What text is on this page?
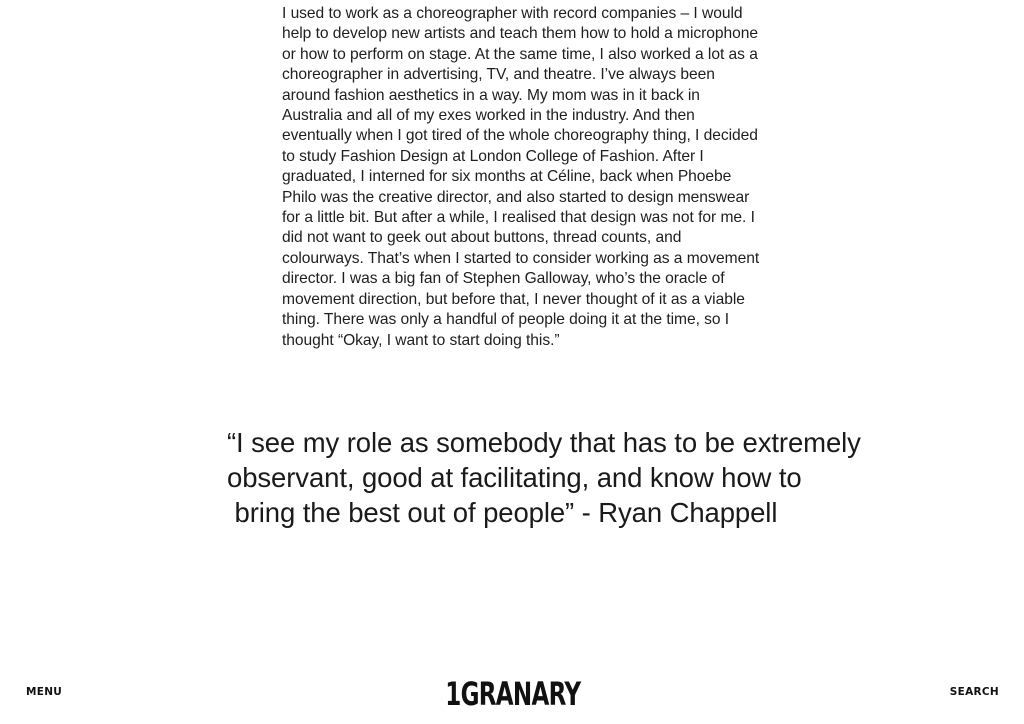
I used to work as a choreographer with record companies – I would
help to develop new artists and teach them how to hold a microphone
or how to perform on stage. At the same time, I also worked a lot as a
choreographer in advertising, TV, and theatre. I’ve always been
around fashion aesthetics in a way. My mom was in it back in
Australia and all of my exes worked in the industry. And then
eventually when I got tired of the whole choreography thing, I decided
to study Fashion Design at London College of Fashion. After I
graduated, I interned for six months at Céline, back when Phoebe
Philo was the creative director, and also started to design menswear
for a little bit. But after a while, I realised that design was not for me. I
did not want to geek out about buttons, thread counts, and
colourways. That’s when I started to consider working as a movement
director. I was a big fan of Stephen Galloway, who’s the oracle of
movement direction, but before that, I never thought of it as a viable
thing. There was only a handful of people doing it at the time, so I
thought “Okay, I want to start doing this.”
“I see my role as somebody that has to be extremely
observant, good at facilitating, and know how to
bring the best out of people” - Ryan Chappell
MENU	1GRANARY	SEARCH
